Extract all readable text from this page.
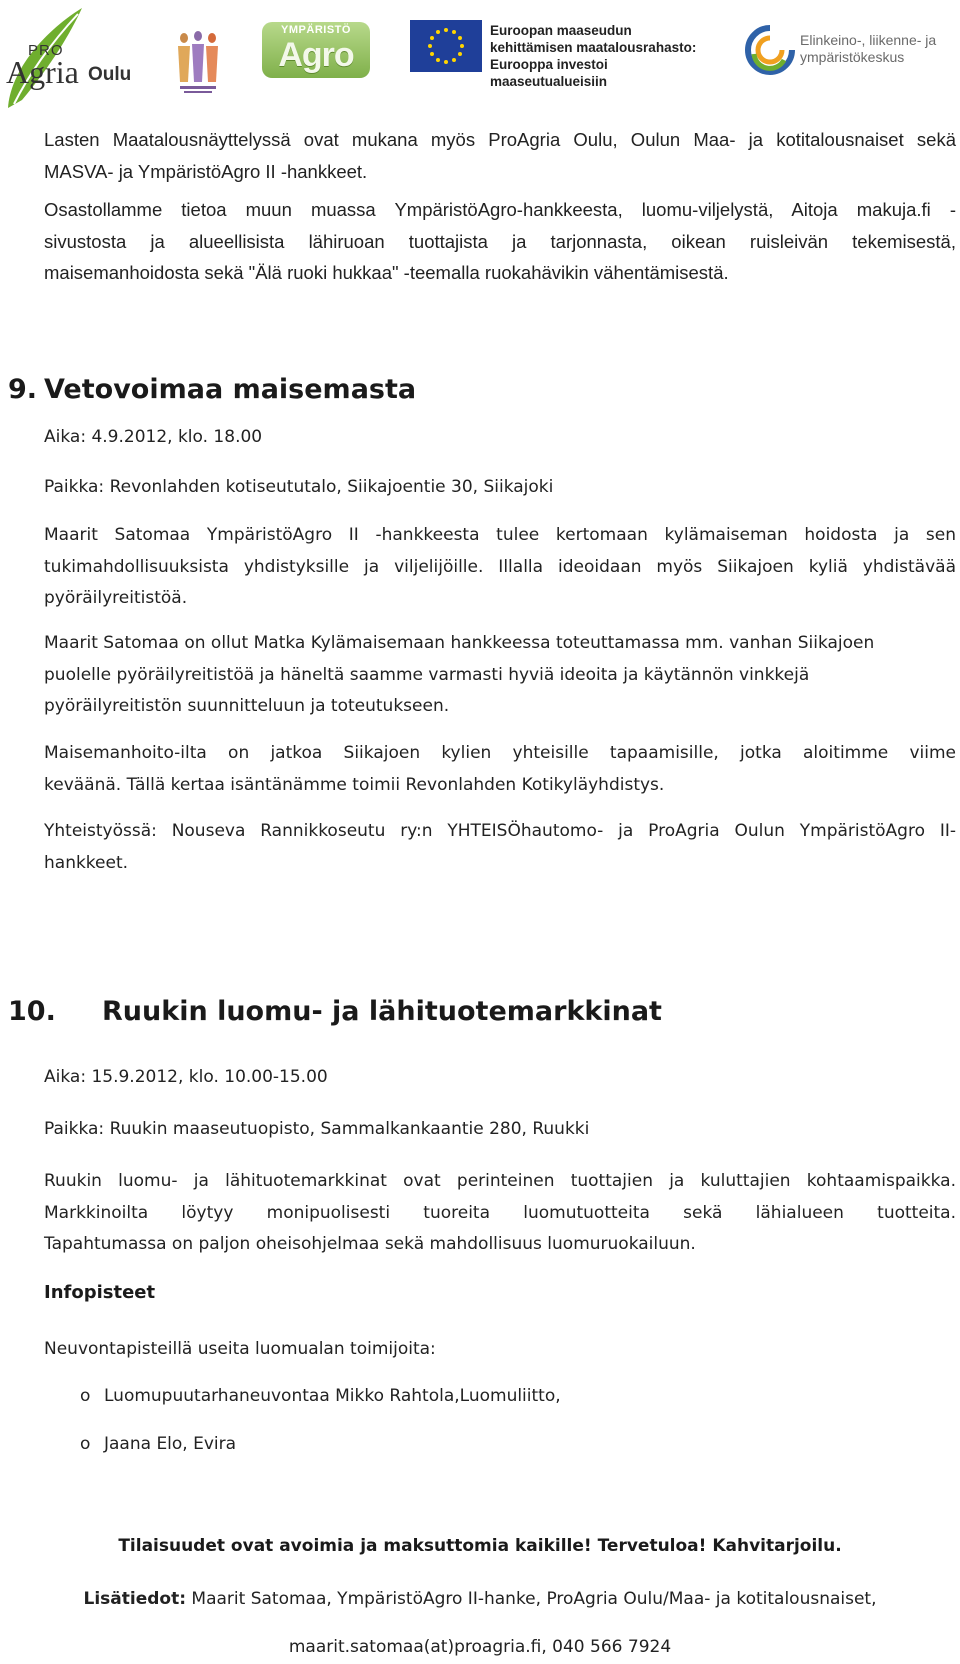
PRO
Agria Oulu
YMPÄRISTÖ
Agro
Euroopan maaseudun
kehittämisen maatalousrahasto:
Eurooppa investoi maaseutualueisiin
Elinkeino-, liikenne- ja
ympäristökeskus
Lasten Maatalousnäyttelyssä ovat mukana myös ProAgria Oulu, Oulun Maa- ja kotitalousnaiset sekä
MASVA- ja YmpäristöAgro II -hankkeet.
Osastollamme tietoa muun muassa YmpäristöAgro-hankkeesta, luomu-viljelystä, Aitoja makuja.fi -
sivustosta ja alueellisista lähiruoan tuottajista ja tarjonnasta, oikean ruisleivän tekemisestä,
maisemanhoidosta sekä "Älä ruoki hukkaa" -teemalla ruokahävikin vähentämisestä.
9. Vetovoimaa maisemasta
Aika: 4.9.2012, klo. 18.00
Paikka: Revonlahden kotiseututalo, Siikajoentie 30, Siikajoki
Maarit Satomaa YmpäristöAgro II -hankkeesta tulee kertomaan kylämaiseman hoidosta ja sen
tukimahdollisuuksista yhdistyksille ja viljelijöille. Illalla ideoidaan myös Siikajoen kyliä yhdistävää
pyöräilyreitistöä.
Maarit Satomaa on ollut Matka Kylämaisemaan hankkeessa toteuttamassa mm. vanhan Siikajoen
puolelle pyöräilyreitistöä ja häneltä saamme varmasti hyviä ideoita ja käytännön vinkkejä
pyöräilyreitistön suunnitteluun ja toteutukseen.
Maisemanhoito-ilta on jatkoa Siikajoen kylien yhteisille tapaamisille, jotka aloitimme viime
keväänä. Tällä kertaa isäntänämme toimii Revonlahden Kotikyläyhdistys.
Yhteistyössä: Nouseva Rannikkoseutu ry:n YHTEISÖhautomo- ja ProAgria Oulun YmpäristöAgro II-
hankkeet.
10. Ruukin luomu- ja lähituotemarkkinat
Aika: 15.9.2012, klo. 10.00-15.00
Paikka: Ruukin maaseutuopisto, Sammalkankaantie 280, Ruukki
Ruukin luomu- ja lähituotemarkkinat ovat perinteinen tuottajien ja kuluttajien kohtaamispaikka.
Markkinoilta löytyy monipuolisesti tuoreita luomutuotteita sekä lähialueen tuotteita.
Tapahtumassa on paljon oheisohjelmaa sekä mahdollisuus luomuruokailuun.
Infopisteet
Neuvontapisteillä useita luomualan toimijoita:
o Luomupuutarhaneuvontaa Mikko Rahtola,Luomuliitto,
o Jaana Elo, Evira
Tilaisuudet ovat avoimia ja maksuttomia kaikille! Tervetuloa! Kahvitarjoilu.
Lisätiedot: Maarit Satomaa, YmpäristöAgro II-hanke, ProAgria Oulu/Maa- ja kotitalousnaiset,
maarit.satomaa(at)proagria.fi, 040 566 7924
